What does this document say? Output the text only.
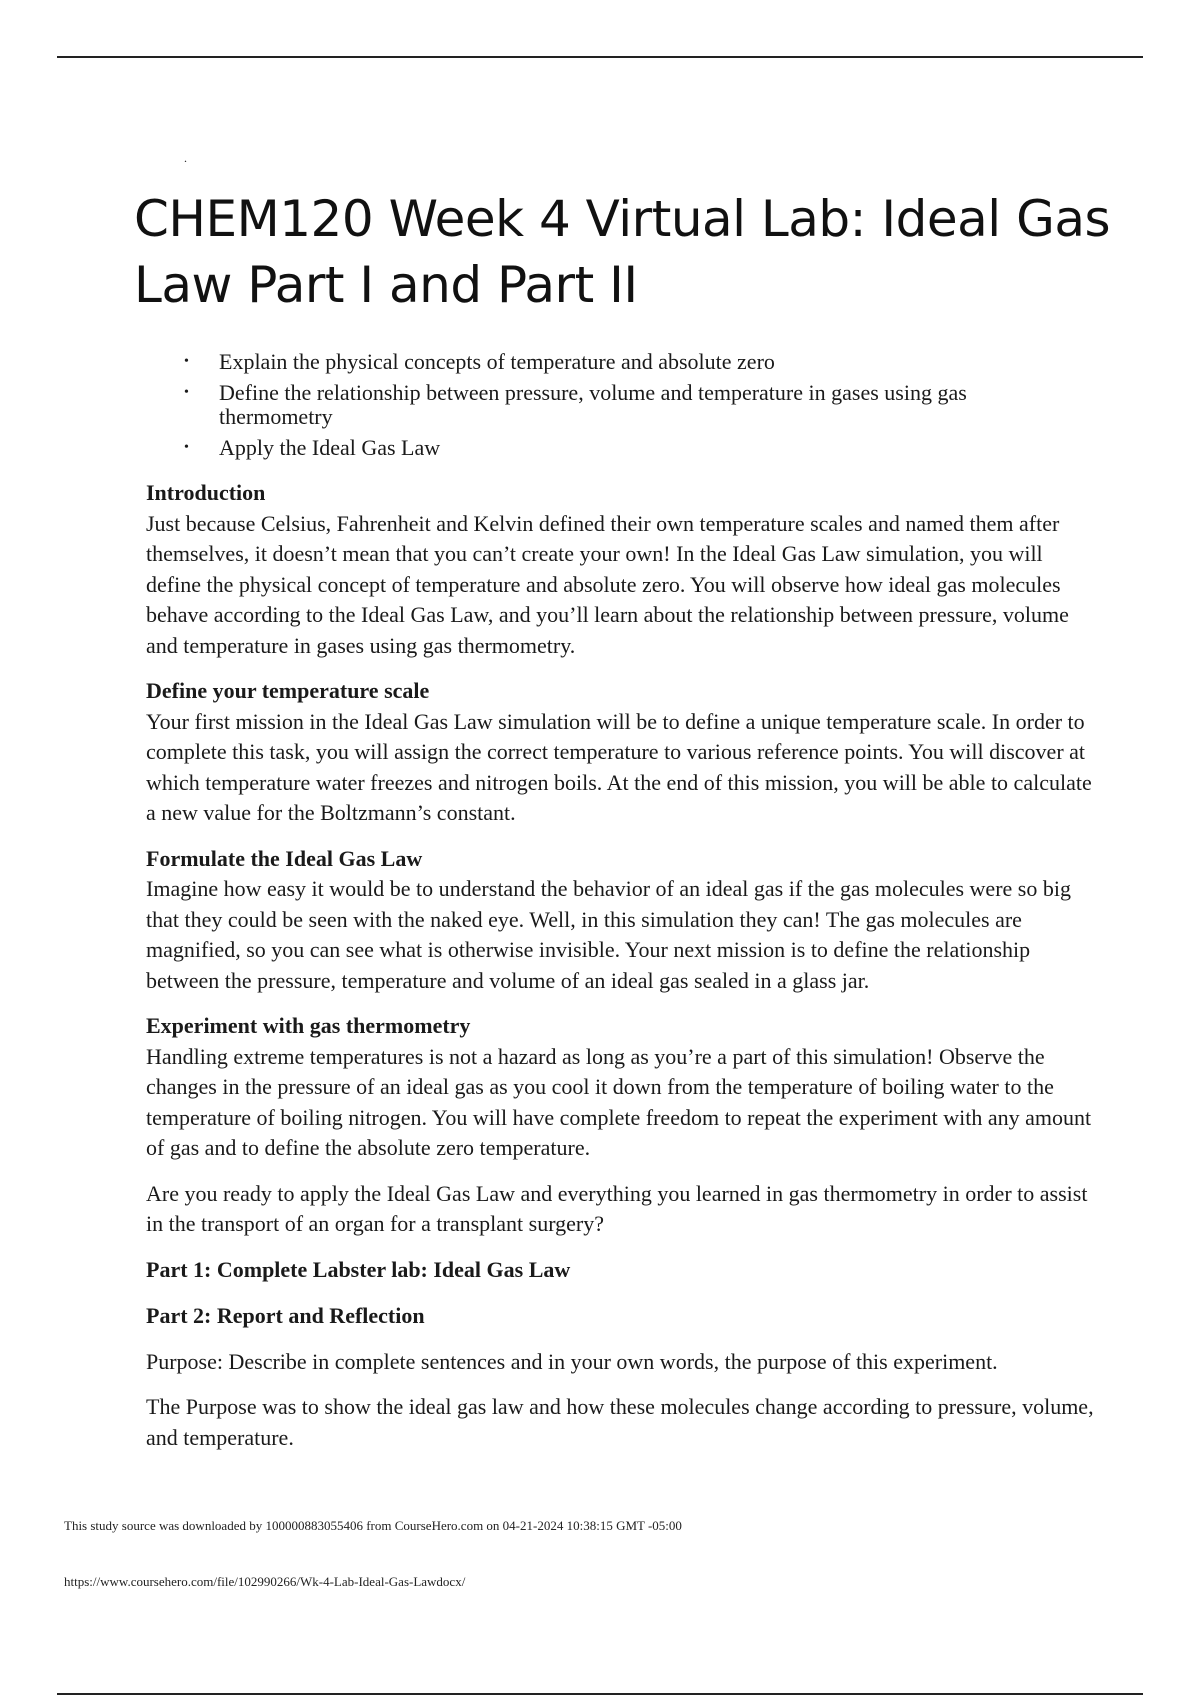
.
CHEM120 Week 4 Virtual Lab: Ideal Gas Law Part I and Part II
• Explain the physical concepts of temperature and absolute zero
• Define the relationship between pressure, volume and temperature in gases using gas thermometry
• Apply the Ideal Gas Law
Introduction

Just because Celsius, Fahrenheit and Kelvin defined their own temperature scales and named them after themselves, it doesn’t mean that you can’t create your own! In the Ideal Gas Law simulation, you will define the physical concept of temperature and absolute zero. You will observe how ideal gas molecules behave according to the Ideal Gas Law, and you’ll learn about the relationship between pressure, volume and temperature in gases using gas thermometry.

Define your temperature scale

Your first mission in the Ideal Gas Law simulation will be to define a unique temperature scale. In order to complete this task, you will assign the correct temperature to various reference points. You will discover at which temperature water freezes and nitrogen boils. At the end of this mission, you will be able to calculate a new value for the Boltzmann’s constant.

Formulate the Ideal Gas Law

Imagine how easy it would be to understand the behavior of an ideal gas if the gas molecules were so big that they could be seen with the naked eye. Well, in this simulation they can! The gas molecules are magnified, so you can see what is otherwise invisible. Your next mission is to define the relationship between the pressure, temperature and volume of an ideal gas sealed in a glass jar.

Experiment with gas thermometry

Handling extreme temperatures is not a hazard as long as you’re a part of this simulation! Observe the changes in the pressure of an ideal gas as you cool it down from the temperature of boiling water to the temperature of boiling nitrogen. You will have complete freedom to repeat the experiment with any amount of gas and to define the absolute zero temperature.

Are you ready to apply the Ideal Gas Law and everything you learned in gas thermometry in order to assist in the transport of an organ for a transplant surgery?

Part 1: Complete Labster lab: Ideal Gas Law
Part 2: Report and Reflection

Purpose: Describe in complete sentences and in your own words, the purpose of this experiment.

The Purpose was to show the ideal gas law and how these molecules change according to pressure, volume, and temperature.

This study source was downloaded by 100000883055406 from CourseHero.com on 04-21-2024 10:38:15 GMT -05:00
https://www.coursehero.com/file/102990266/Wk-4-Lab-Ideal-Gas-Lawdocx/
